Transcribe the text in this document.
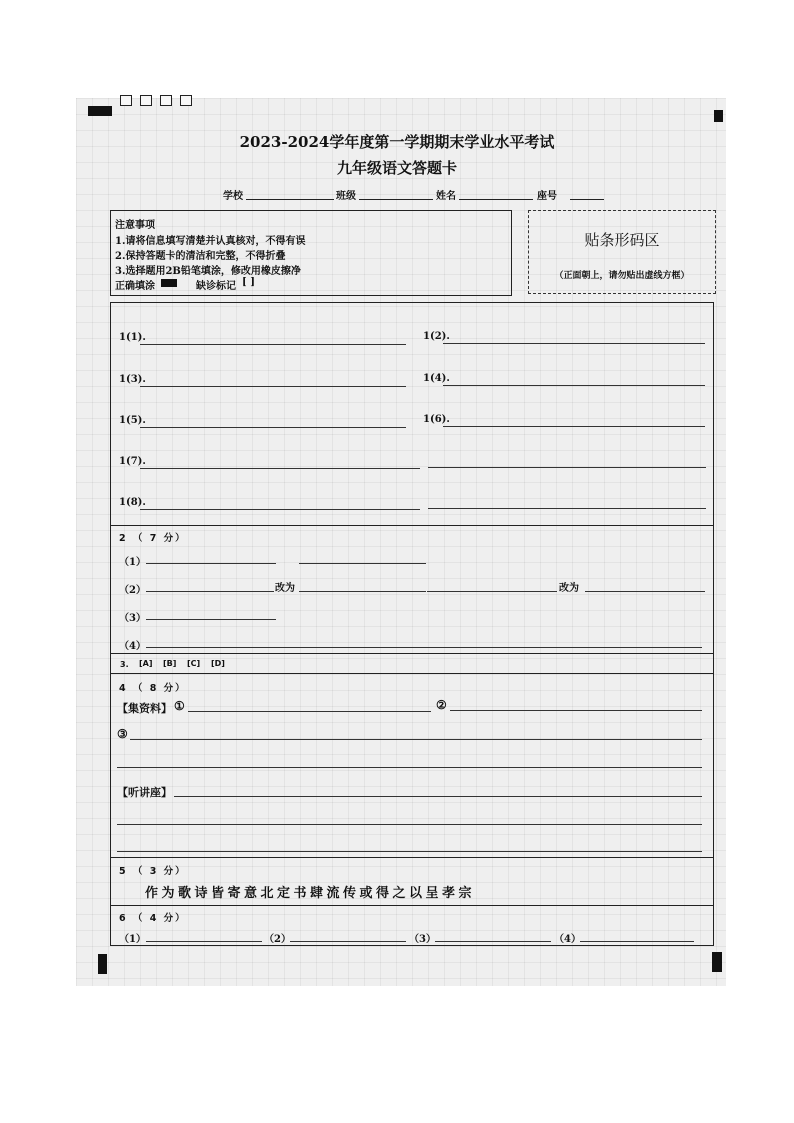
2023-2024学年度第一学期期末学业水平考试
九年级语文答题卡
学校	班级	姓名	座号
注意事项
1.请将信息填写清楚并认真核对，不得有误
2.保持答题卡的清洁和完整，不得折叠
3.选择题用2B铅笔填涂，修改用橡皮擦净
正确填涂	缺诊标记 [ ]
贴条形码区
（正面朝上，请勿贴出虚线方框）
1(1).	1(2).
1(3).	1(4).
1(5).	1(6).
1(7).
1(8).
2 （ 7 分）
（1）
（2）	改为	改为
（3）
（4）
3. [A] [B] [C] [D]
4 （ 8 分）
【集资料】 ①	②
③
【听讲座】
5 （ 3 分）
作为歌诗皆寄意北定书肆流传或得之以呈孝宗
6 （ 4 分）
（1）	（2）	（3）	（4）
